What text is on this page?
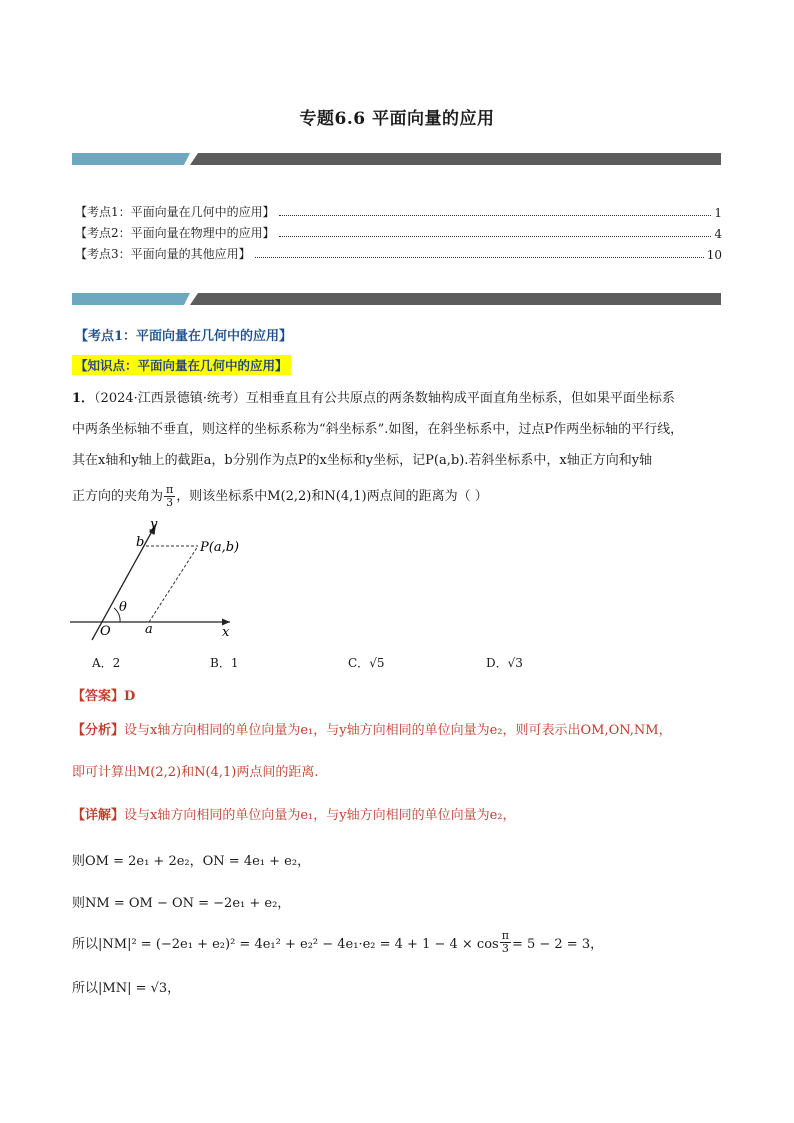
专题6.6 平面向量的应用
【考点1：平面向量在几何中的应用】	1
【考点2：平面向量在物理中的应用】	4
【考点3：平面向量的其他应用】	10
【考点1：平面向量在几何中的应用】
【知识点：平面向量在几何中的应用】
1．（2024·江西景德镇·统考）互相垂直且有公共原点的两条数轴构成平面直角坐标系，但如果平面坐标系
中两条坐标轴不垂直，则这样的坐标系称为“斜坐标系”.如图，在斜坐标系中，过点P作两坐标轴的平行线，
其在x轴和y轴上的截距a，b分别作为点P的x坐标和y坐标，记P(a,b).若斜坐标系中，x轴正方向和y轴
正方向的夹角为 $\frac{\pi}{3}$ ，则该坐标系中M(2,2)和N(4,1)两点间的距离为（ ）
y
b	P(a,b)
θ
O	a	x
A．2	B．1	C．√5	D．√3
【答案】D
【分析】设与x轴方向相同的单位向量为e₁，与y轴方向相同的单位向量为e₂，则可表示出OM,ON,NM，
即可计算出M(2,2)和N(4,1)两点间的距离.
【详解】设与x轴方向相同的单位向量为e₁，与y轴方向相同的单位向量为e₂，
则OM = 2e₁ + 2e₂，ON = 4e₁ + e₂，
则NM = OM − ON = −2e₁ + e₂，
所以$|NM|^2 = (-2e_1 + e_2)^2 = 4e_1^2 + e_2^2 - 4e_1\cdot e_2 = 4 + 1 - 4 \times \cos \frac{\pi}{3} = 5 - 2 = 3$，
所以|MN| = √3，
